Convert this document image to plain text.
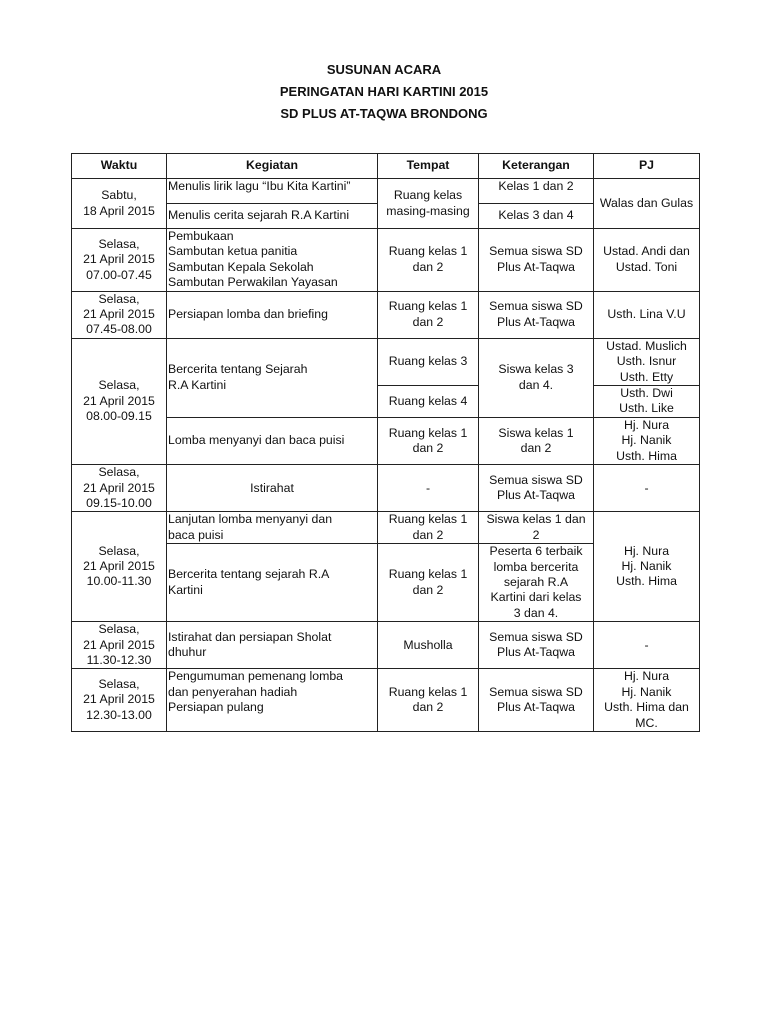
SUSUNAN ACARA
PERINGATAN HARI KARTINI 2015
SD PLUS AT-TAQWA BRONDONG
Waktu	Kegiatan	Tempat	Keterangan	PJ
Sabtu,
18 April 2015	Menulis lirik lagu “Ibu Kita Kartini”	Ruang kelas
masing-masing	Kelas 1 dan 2	Walas dan Gulas
	Menulis cerita sejarah R.A Kartini		Kelas 3 dan 4	
Selasa,
21 April 2015
07.00-07.45	Pembukaan
Sambutan ketua panitia
Sambutan Kepala Sekolah
Sambutan Perwakilan Yayasan	Ruang kelas 1
dan 2	Semua siswa SD
Plus At-Taqwa	Ustad. Andi dan
Ustad. Toni
Selasa,
21 April 2015
07.45-08.00	Persiapan lomba dan briefing	Ruang kelas 1
dan 2	Semua siswa SD
Plus At-Taqwa	Usth. Lina V.U
Selasa,
21 April 2015
08.00-09.15	Bercerita tentang Sejarah
R.A Kartini	Ruang kelas 3	Siswa kelas 3
dan 4.	Ustad. Muslich
Usth. Isnur
Usth. Etty
		Ruang kelas 4		Usth. Dwi
Usth. Like
	Lomba menyanyi dan baca puisi	Ruang kelas 1
dan 2	Siswa kelas 1
dan 2	Hj. Nura
Hj. Nanik
Usth. Hima
Selasa,
21 April 2015
09.15-10.00	Istirahat	-	Semua siswa SD
Plus At-Taqwa	-
Selasa,
21 April 2015
10.00-11.30	Lanjutan lomba menyanyi dan
baca puisi	Ruang kelas 1
dan 2	Siswa kelas 1 dan
2	Hj. Nura
Hj. Nanik
Usth. Hima
	Bercerita tentang sejarah R.A
Kartini	Ruang kelas 1
dan 2	Peserta 6 terbaik
lomba bercerita
sejarah R.A
Kartini dari kelas
3 dan 4.	
Selasa,
21 April 2015
11.30-12.30	Istirahat dan persiapan Sholat
dhuhur	Musholla	Semua siswa SD
Plus At-Taqwa	-
Selasa,
21 April 2015
12.30-13.00	Pengumuman pemenang lomba
dan penyerahan hadiah
Persiapan pulang	Ruang kelas 1
dan 2	Semua siswa SD
Plus At-Taqwa	Hj. Nura
Hj. Nanik
Usth. Hima dan
MC.
